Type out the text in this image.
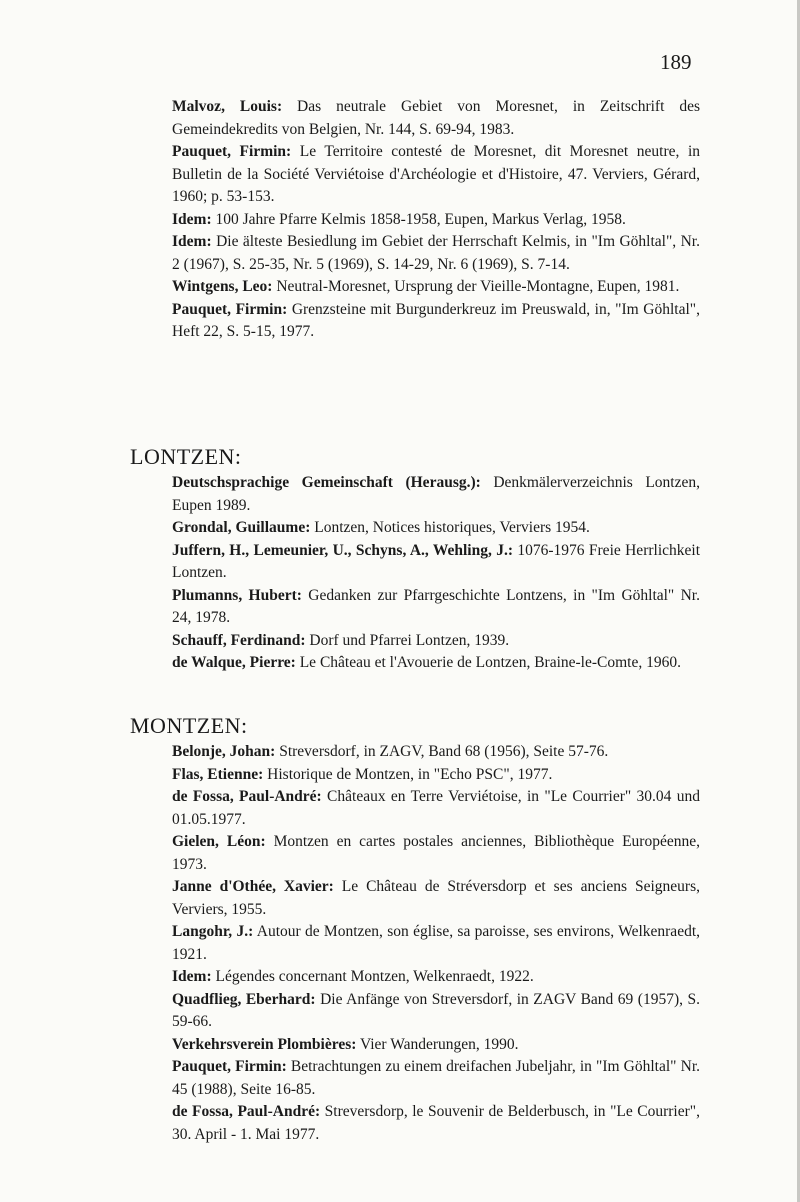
189

Malvoz, Louis: Das neutrale Gebiet von Moresnet, in Zeitschrift des Gemeindekredits von Belgien, Nr. 144, S. 69-94, 1983.

Pauquet, Firmin: Le Territoire contesté de Moresnet, dit Moresnet neutre, in Bulletin de la Société Verviétoise d'Archéologie et d'Histoire, 47. Verviers, Gérard, 1960; p. 53-153.

Idem: 100 Jahre Pfarre Kelmis 1858-1958, Eupen, Markus Verlag, 1958.

Idem: Die älteste Besiedlung im Gebiet der Herrschaft Kelmis, in "Im Göhltal", Nr. 2 (1967), S. 25-35, Nr. 5 (1969), S. 14-29, Nr. 6 (1969), S. 7-14.

Wintgens, Leo: Neutral-Moresnet, Ursprung der Vieille-Montagne, Eupen, 1981.

Pauquet, Firmin: Grenzsteine mit Burgunderkreuz im Preuswald, in, "Im Göhltal", Heft 22, S. 5-15, 1977.

LONTZEN:

Deutschsprachige Gemeinschaft (Herausg.): Denkmälerverzeichnis Lontzen, Eupen 1989.

Grondal, Guillaume: Lontzen, Notices historiques, Verviers 1954.

Juffern, H., Lemeunier, U., Schyns, A., Wehling, J.: 1076-1976 Freie Herrlichkeit Lontzen.

Plumanns, Hubert: Gedanken zur Pfarrgeschichte Lontzens, in "Im Göhltal" Nr. 24, 1978.

Schauff, Ferdinand: Dorf und Pfarrei Lontzen, 1939.

de Walque, Pierre: Le Château et l'Avouerie de Lontzen, Braine-le-Comte, 1960.

MONTZEN:

Belonje, Johan: Streversdorf, in ZAGV, Band 68 (1956), Seite 57-76.

Flas, Etienne: Historique de Montzen, in "Echo PSC", 1977.

de Fossa, Paul-André: Châteaux en Terre Verviétoise, in "Le Courrier" 30.04 und 01.05.1977.

Gielen, Léon: Montzen en cartes postales anciennes, Bibliothèque Européenne, 1973.

Janne d'Othée, Xavier: Le Château de Stréversdorp et ses anciens Seigneurs, Verviers, 1955.

Langohr, J.: Autour de Montzen, son église, sa paroisse, ses environs, Welkenraedt, 1921.

Idem: Légendes concernant Montzen, Welkenraedt, 1922.

Quadflieg, Eberhard: Die Anfänge von Streversdorf, in ZAGV Band 69 (1957), S. 59-66.

Verkehrsverein Plombières: Vier Wanderungen, 1990.

Pauquet, Firmin: Betrachtungen zu einem dreifachen Jubeljahr, in "Im Göhltal" Nr. 45 (1988), Seite 16-85.

de Fossa, Paul-André: Streversdorp, le Souvenir de Belderbusch, in "Le Courrier", 30. April - 1. Mai 1977.
